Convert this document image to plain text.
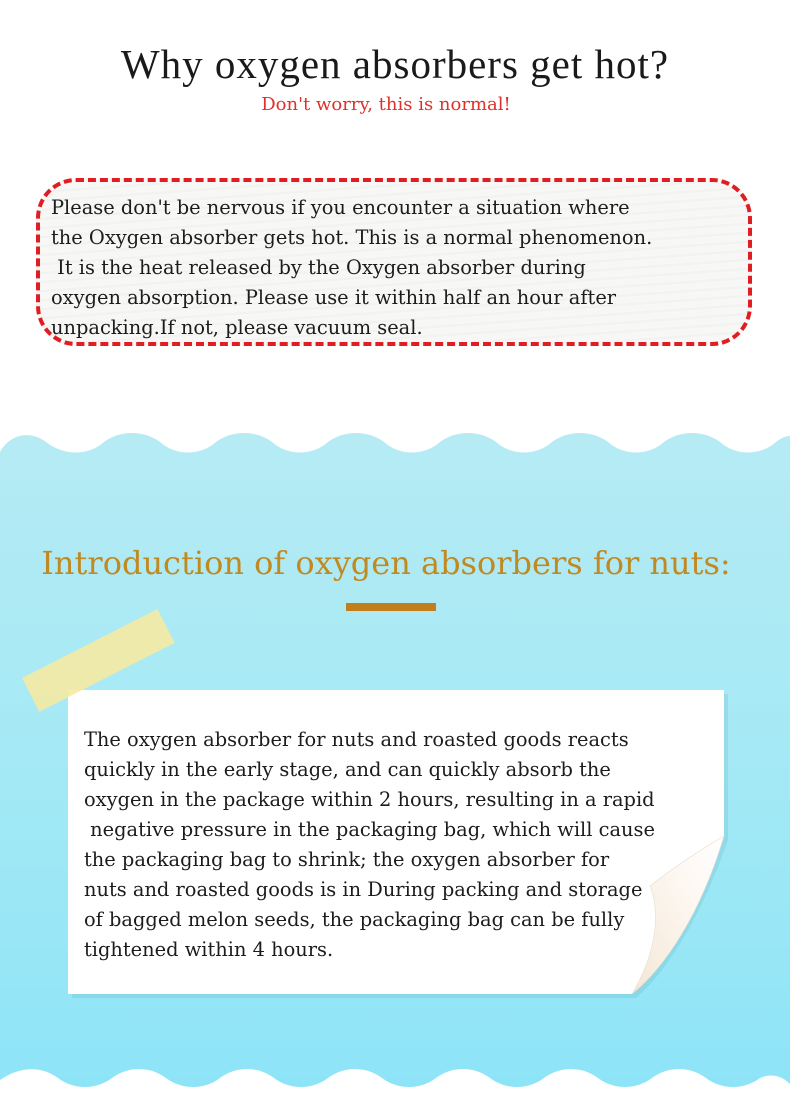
Why oxygen absorbers get hot?
Don't worry, this is normal!

Please don't be nervous if you encounter a situation where
the Oxygen absorber gets hot. This is a normal phenomenon.
It is the heat released by the Oxygen absorber during
oxygen absorption. Please use it within half an hour after
unpacking.If not, please vacuum seal.

Introduction of oxygen absorbers for nuts:

The oxygen absorber for nuts and roasted goods reacts
quickly in the early stage, and can quickly absorb the
oxygen in the package within 2 hours, resulting in a rapid
negative pressure in the packaging bag, which will cause
the packaging bag to shrink; the oxygen absorber for
nuts and roasted goods is in During packing and storage
of bagged melon seeds, the packaging bag can be fully
tightened within 4 hours.
